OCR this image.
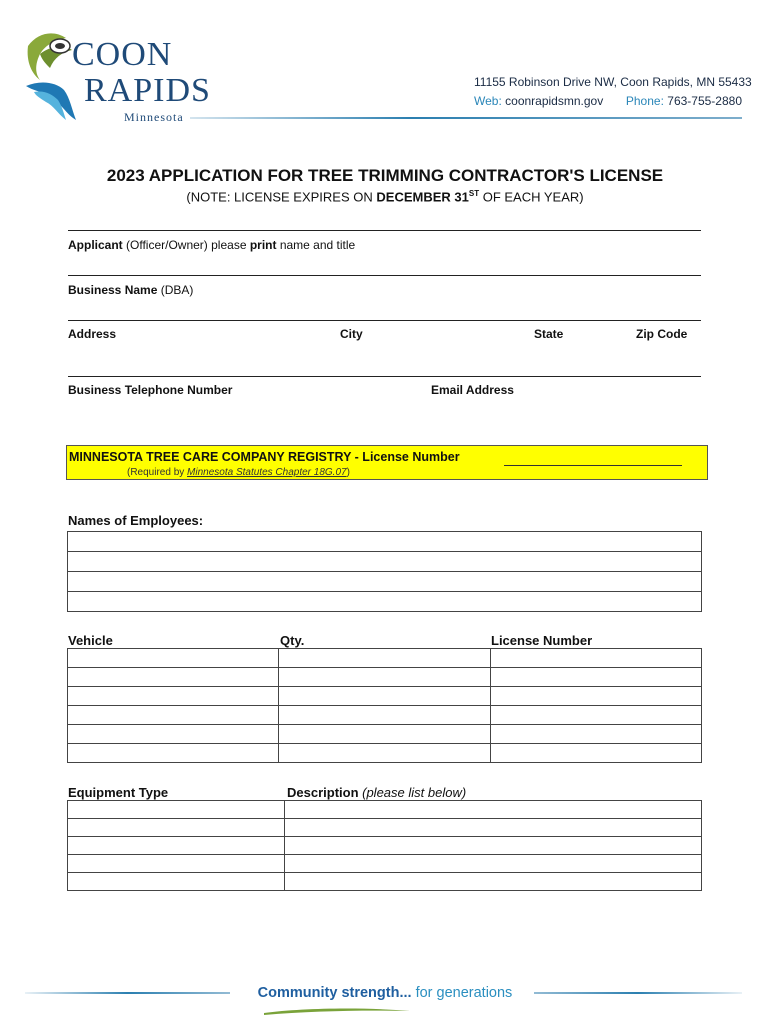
COON
RAPIDS
Minnesota
11155 Robinson Drive NW, Coon Rapids, MN 55433
Web: coonrapidsmn.gov Phone: 763-755-2880
2023 APPLICATION FOR TREE TRIMMING CONTRACTOR'S LICENSE
(NOTE: LICENSE EXPIRES ON DECEMBER 31ST OF EACH YEAR)
Applicant (Officer/Owner) please print name and title
Business Name (DBA)
Address	City	State	Zip Code
Business Telephone Number	Email Address
MINNESOTA TREE CARE COMPANY REGISTRY - License Number
(Required by Minnesota Statutes Chapter 18G.07)
Names of Employees:

Vehicle	Qty.	License Number

Equipment Type	Description (please list below)

Community strength... for generations
